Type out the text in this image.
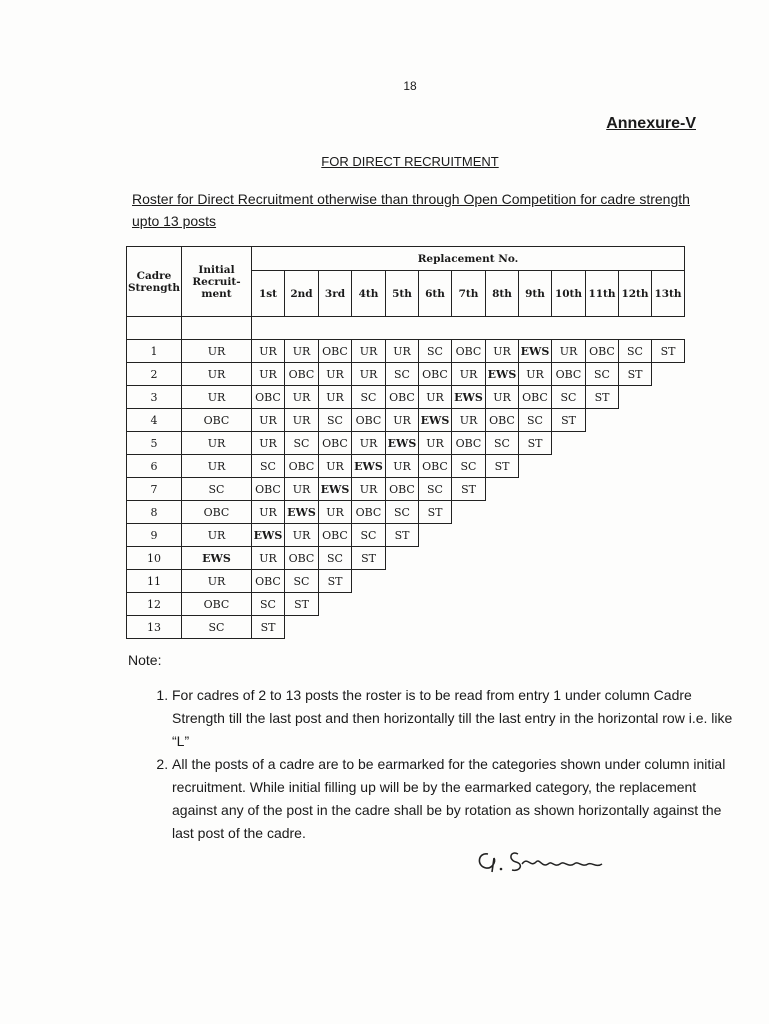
18
Annexure-V
FOR DIRECT RECRUITMENT
Roster for Direct Recruitment otherwise than through Open Competition for cadre strength upto 13 posts
Cadre Strength	Initial Recruit-ment	Replacement No.												
		1st	2nd	3rd	4th	5th	6th	7th	8th	9th	10th	11th	12th	13th

1	UR	UR	UR	OBC	UR	UR	SC	OBC	UR	EWS	UR	OBC	SC	ST
2	UR	UR	OBC	UR	UR	SC	OBC	UR	EWS	UR	OBC	SC	ST	
3	UR	OBC	UR	UR	SC	OBC	UR	EWS	UR	OBC	SC	ST		
4	OBC	UR	UR	SC	OBC	UR	EWS	UR	OBC	SC	ST			
5	UR	UR	SC	OBC	UR	EWS	UR	OBC	SC	ST				
6	UR	SC	OBC	UR	EWS	UR	OBC	SC	ST					
7	SC	OBC	UR	EWS	UR	OBC	SC	ST						
8	OBC	UR	EWS	UR	OBC	SC	ST							
9	UR	EWS	UR	OBC	SC	ST								
10	EWS	UR	OBC	SC	ST									
11	UR	OBC	SC	ST										
12	OBC	SC	ST											
13	SC	ST												
Note:
1. For cadres of 2 to 13 posts the roster is to be read from entry 1 under column Cadre Strength till the last post and then horizontally till the last entry in the horizontal row i.e. like “L”
2. All the posts of a cadre are to be earmarked for the categories shown under column initial recruitment. While initial filling up will be by the earmarked category, the replacement against any of the post in the cadre shall be by rotation as shown horizontally against the last post of the cadre.
